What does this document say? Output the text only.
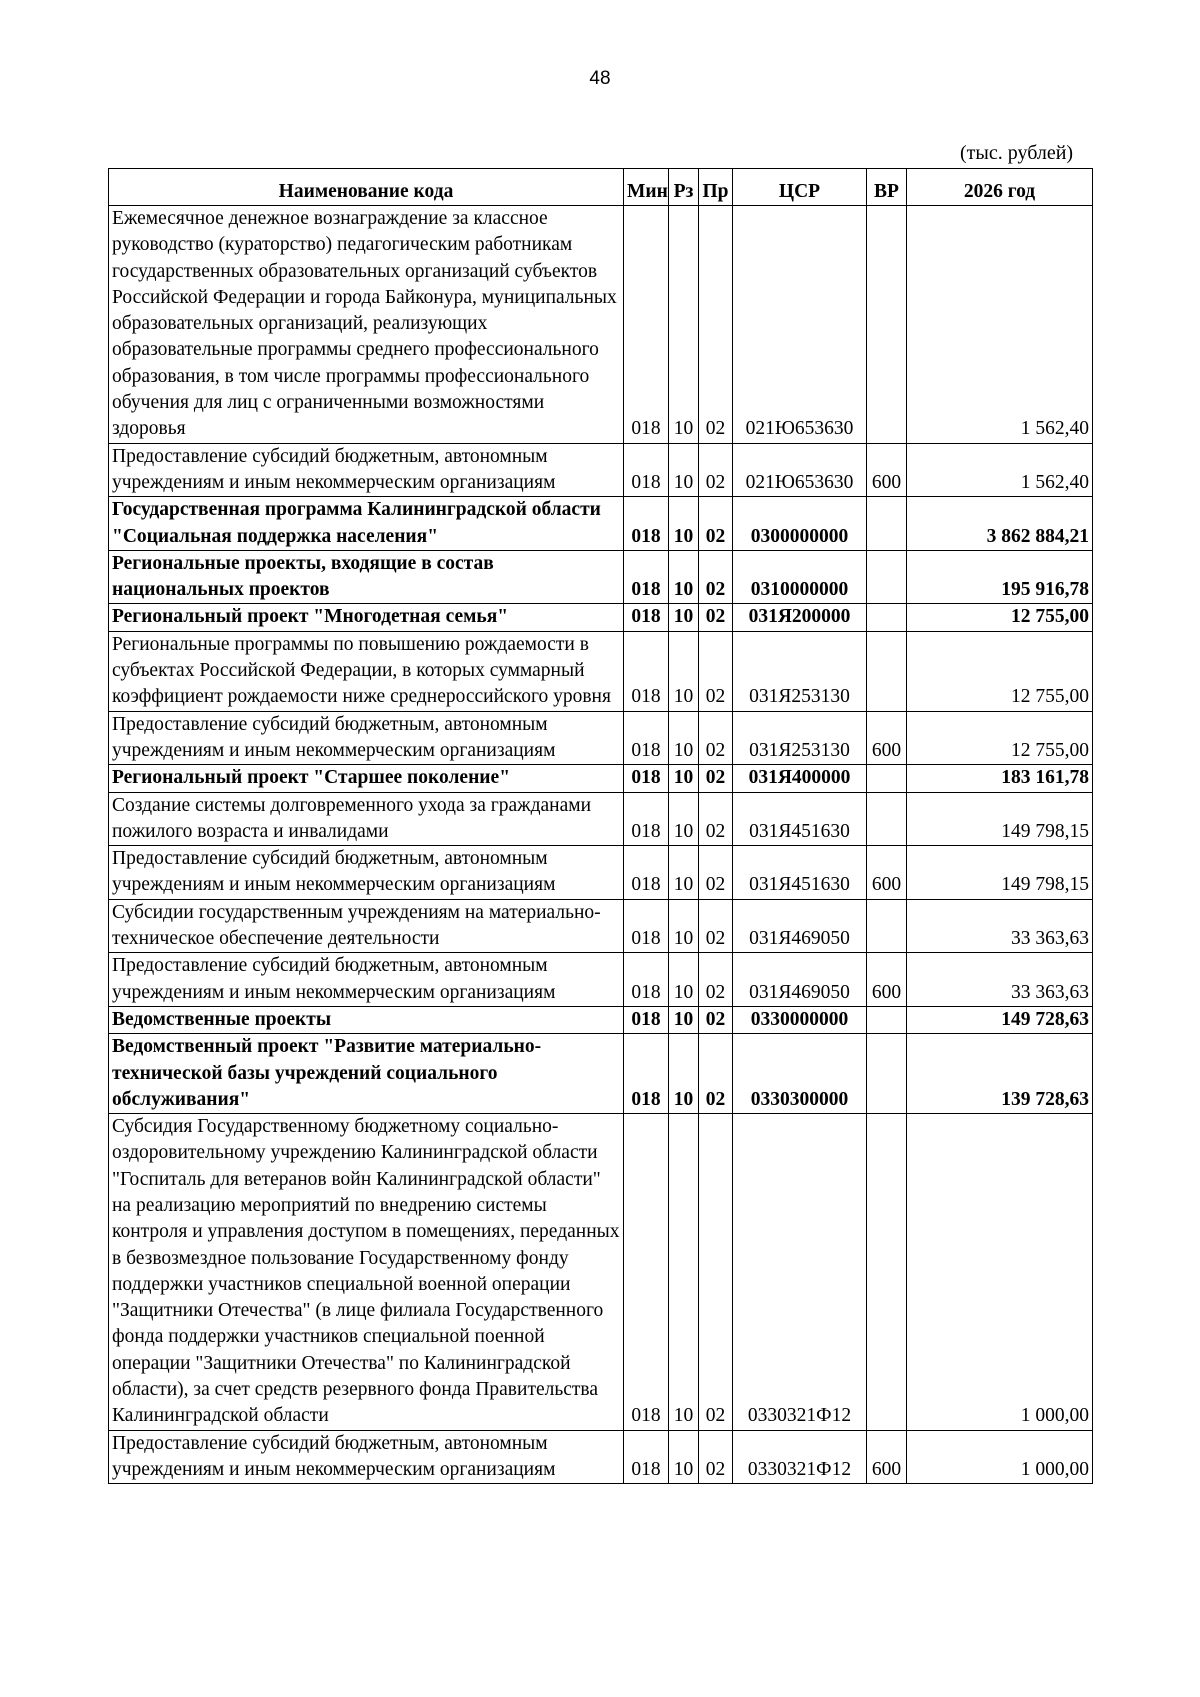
48
(тыс. рублей)
Наименование кода	Мин	Рз	Пр	ЦСР	ВР	2026 год
Ежемесячное денежное вознаграждение за классное руководство (кураторство) педагогическим работникам государственных образовательных организаций субъектов Российской Федерации и города Байконура, муниципальных образовательных организаций, реализующих образовательные программы среднего профессионального образования, в том числе программы профессионального обучения для лиц с ограниченными возможностями здоровья	018	10	02	021Ю653630		1 562,40
Предоставление субсидий бюджетным, автономным учреждениям и иным некоммерческим организациям	018	10	02	021Ю653630	600	1 562,40
Государственная программа Калининградской области "Социальная поддержка населения"	018	10	02	0300000000		3 862 884,21
Региональные проекты, входящие в состав национальных проектов	018	10	02	0310000000		195 916,78
Региональный проект "Многодетная семья"	018	10	02	031Я200000		12 755,00
Региональные программы по повышению рождаемости в субъектах Российской Федерации, в которых суммарный коэффициент рождаемости ниже среднероссийского уровня	018	10	02	031Я253130		12 755,00
Предоставление субсидий бюджетным, автономным учреждениям и иным некоммерческим организациям	018	10	02	031Я253130	600	12 755,00
Региональный проект "Старшее поколение"	018	10	02	031Я400000		183 161,78
Создание системы долговременного ухода за гражданами пожилого возраста и инвалидами	018	10	02	031Я451630		149 798,15
Предоставление субсидий бюджетным, автономным учреждениям и иным некоммерческим организациям	018	10	02	031Я451630	600	149 798,15
Субсидии государственным учреждениям на материально-техническое обеспечение деятельности	018	10	02	031Я469050		33 363,63
Предоставление субсидий бюджетным, автономным учреждениям и иным некоммерческим организациям	018	10	02	031Я469050	600	33 363,63
Ведомственные проекты	018	10	02	0330000000		149 728,63
Ведомственный проект "Развитие материально-технической базы учреждений социального обслуживания"	018	10	02	0330300000		139 728,63
Субсидия Государственному бюджетному социально-оздоровительному учреждению Калининградской области "Госпиталь для ветеранов войн Калининградской области" на реализацию мероприятий по внедрению системы контроля и управления доступом в помещениях, переданных в безвозмездное пользование Государственному фонду поддержки участников специальной военной операции "Защитники Отечества" (в лице филиала Государственного фонда поддержки участников специальной поенной операции "Защитники Отечества" по Калининградской области), за счет средств резервного фонда Правительства Калининградской области	018	10	02	0330321Ф12		1 000,00
Предоставление субсидий бюджетным, автономным учреждениям и иным некоммерческим организациям	018	10	02	0330321Ф12	600	1 000,00
